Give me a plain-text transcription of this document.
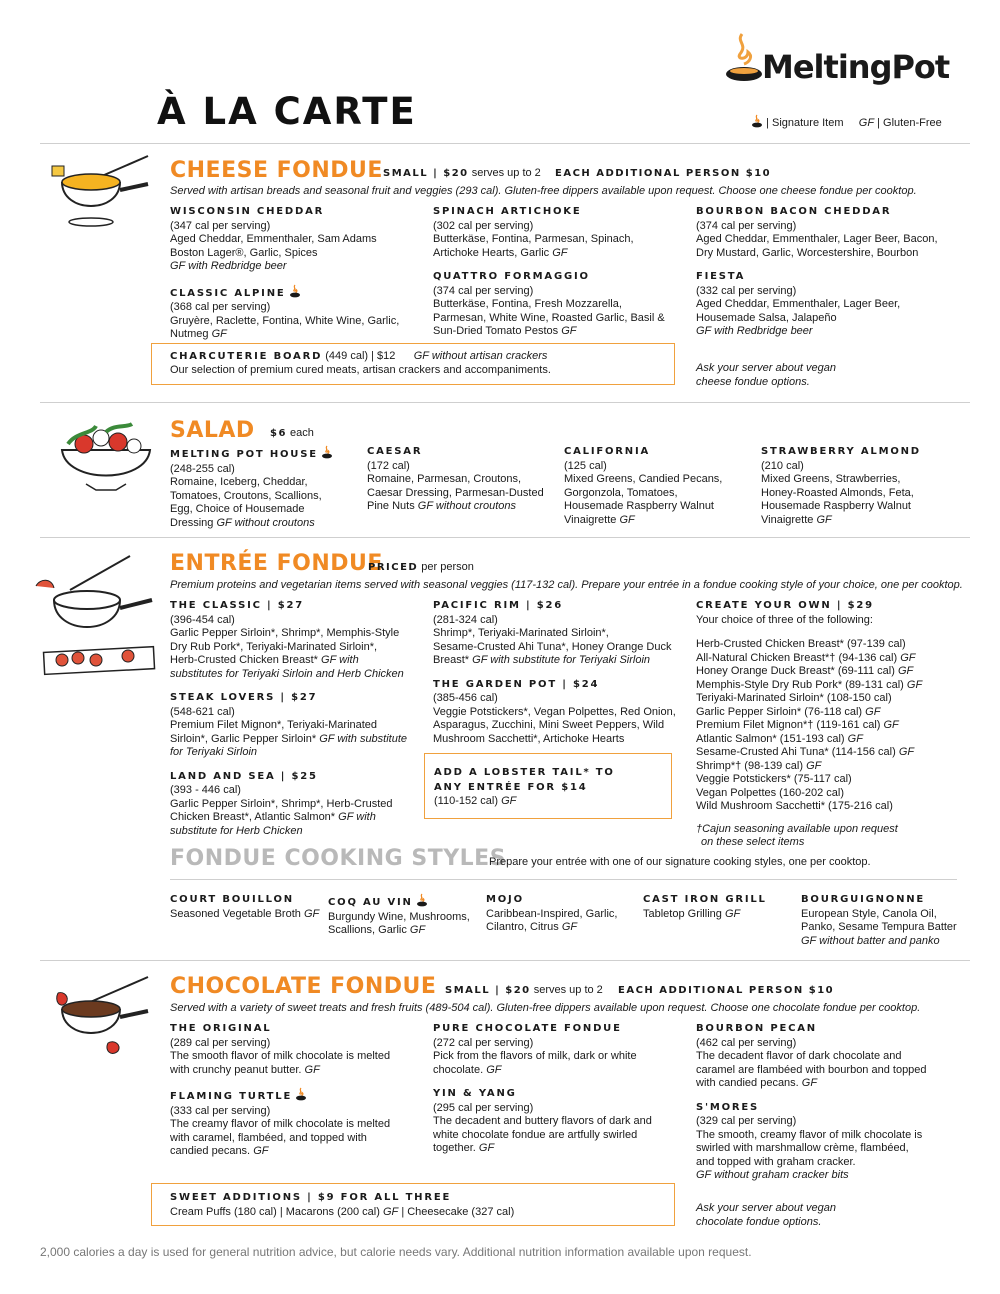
À LA CARTE
MeltingPot
| Signature Item GF | Gluten-Free
CHEESE FONDUE SMALL | $20 serves up to 2 EACH ADDITIONAL PERSON $10
Served with artisan breads and seasonal fruit and veggies (293 cal). Gluten-free dippers available upon request. Choose one cheese fondue per cooktop.
WISCONSIN CHEDDAR
(347 cal per serving)
Aged Cheddar, Emmenthaler, Sam Adams
Boston Lager®, Garlic, Spices
GF with Redbridge beer
CLASSIC ALPINE
(368 cal per serving)
Gruyère, Raclette, Fontina, White Wine, Garlic,
Nutmeg GF
SPINACH ARTICHOKE
(302 cal per serving)
Butterkäse, Fontina, Parmesan, Spinach,
Artichoke Hearts, Garlic GF
QUATTRO FORMAGGIO
(374 cal per serving)
Butterkäse, Fontina, Fresh Mozzarella,
Parmesan, White Wine, Roasted Garlic, Basil &
Sun-Dried Tomato Pestos GF
BOURBON BACON CHEDDAR
(374 cal per serving)
Aged Cheddar, Emmenthaler, Lager Beer, Bacon,
Dry Mustard, Garlic, Worcestershire, Bourbon
FIESTA
(332 cal per serving)
Aged Cheddar, Emmenthaler, Lager Beer,
Housemade Salsa, Jalapeño
GF with Redbridge beer
CHARCUTERIE BOARD (449 cal) | $12 GF without artisan crackers
Our selection of premium cured meats, artisan crackers and accompaniments.	Ask your server about vegan
cheese fondue options.
SALAD $6 each
MELTING POT HOUSE
(248-255 cal)
Romaine, Iceberg, Cheddar,
Tomatoes, Croutons, Scallions,
Egg, Choice of Housemade
Dressing GF without croutons
CAESAR
(172 cal)
Romaine, Parmesan, Croutons,
Caesar Dressing, Parmesan-Dusted
Pine Nuts GF without croutons
CALIFORNIA
(125 cal)
Mixed Greens, Candied Pecans,
Gorgonzola, Tomatoes,
Housemade Raspberry Walnut
Vinaigrette GF
STRAWBERRY ALMOND
(210 cal)
Mixed Greens, Strawberries,
Honey-Roasted Almonds, Feta,
Housemade Raspberry Walnut
Vinaigrette GF
ENTRÉE FONDUE
PRICED per person
Premium proteins and vegetarian items served with seasonal veggies (117-132 cal). Prepare your entrée in a fondue cooking style of your choice, one per cooktop.
THE CLASSIC | $27
(396-454 cal)
Garlic Pepper Sirloin*, Shrimp*, Memphis-Style
Dry Rub Pork*, Teriyaki-Marinated Sirloin*,
Herb-Crusted Chicken Breast* GF with
substitutes for Teriyaki Sirloin and Herb Chicken
STEAK LOVERS | $27
(548-621 cal)
Premium Filet Mignon*, Teriyaki-Marinated
Sirloin*, Garlic Pepper Sirloin* GF with substitute
for Teriyaki Sirloin
LAND AND SEA | $25
(393 - 446 cal)
Garlic Pepper Sirloin*, Shrimp*, Herb-Crusted
Chicken Breast*, Atlantic Salmon* GF with
substitute for Herb Chicken
PACIFIC RIM | $26
(281-324 cal)
Shrimp*, Teriyaki-Marinated Sirloin*,
Sesame-Crusted Ahi Tuna*, Honey Orange Duck
Breast* GF with substitute for Teriyaki Sirloin
THE GARDEN POT | $24
(385-456 cal)
Veggie Potstickers*, Vegan Polpettes, Red Onion,
Asparagus, Zucchini, Mini Sweet Peppers, Wild
Mushroom Sacchetti*, Artichoke Hearts
ADD A LOBSTER TAIL* TO
ANY ENTRÉE FOR $14
(110-152 cal) GF
CREATE YOUR OWN | $29
Your choice of three of the following:
Herb-Crusted Chicken Breast* (97-139 cal)
All-Natural Chicken Breast*† (94-136 cal) GF
Honey Orange Duck Breast* (69-111 cal) GF
Memphis-Style Dry Rub Pork* (89-131 cal) GF
Teriyaki-Marinated Sirloin* (108-150 cal)
Garlic Pepper Sirloin* (76-118 cal) GF
Premium Filet Mignon*† (119-161 cal) GF
Atlantic Salmon* (151-193 cal) GF
Sesame-Crusted Ahi Tuna* (114-156 cal) GF
Shrimp*† (98-139 cal) GF
Veggie Potstickers* (75-117 cal)
Vegan Polpettes (160-202 cal)
Wild Mushroom Sacchetti* (175-216 cal)
†Cajun seasoning available upon request
on these select items
FONDUE COOKING STYLES
Prepare your entrée with one of our signature cooking styles, one per cooktop.
COURT BOUILLON
Seasoned Vegetable Broth GF
COQ AU VIN
Burgundy Wine, Mushrooms,
Scallions, Garlic GF
MOJO
Caribbean-Inspired, Garlic,
Cilantro, Citrus GF
CAST IRON GRILL
Tabletop Grilling GF
BOURGUIGNONNE
European Style, Canola Oil,
Panko, Sesame Tempura Batter
GF without batter and panko
CHOCOLATE FONDUE SMALL | $20 serves up to 2 EACH ADDITIONAL PERSON $10
Served with a variety of sweet treats and fresh fruits (489-504 cal). Gluten-free dippers available upon request. Choose one chocolate fondue per cooktop.
THE ORIGINAL
(289 cal per serving)
The smooth flavor of milk chocolate is melted
with crunchy peanut butter. GF
FLAMING TURTLE
(333 cal per serving)
The creamy flavor of milk chocolate is melted
with caramel, flambéed, and topped with
candied pecans. GF
PURE CHOCOLATE FONDUE
(272 cal per serving)
Pick from the flavors of milk, dark or white
chocolate. GF
YIN & YANG
(295 cal per serving)
The decadent and buttery flavors of dark and
white chocolate fondue are artfully swirled
together. GF
BOURBON PECAN
(462 cal per serving)
The decadent flavor of dark chocolate and
caramel are flambéed with bourbon and topped
with candied pecans. GF
S'MORES
(329 cal per serving)
The smooth, creamy flavor of milk chocolate is
swirled with marshmallow crème, flambéed,
and topped with graham cracker.
GF without graham cracker bits
SWEET ADDITIONS | $9 FOR ALL THREE
Cream Puffs (180 cal) | Macarons (200 cal) GF | Cheesecake (327 cal)	Ask your server about vegan
chocolate fondue options.
2,000 calories a day is used for general nutrition advice, but calorie needs vary. Additional nutrition information available upon request.
